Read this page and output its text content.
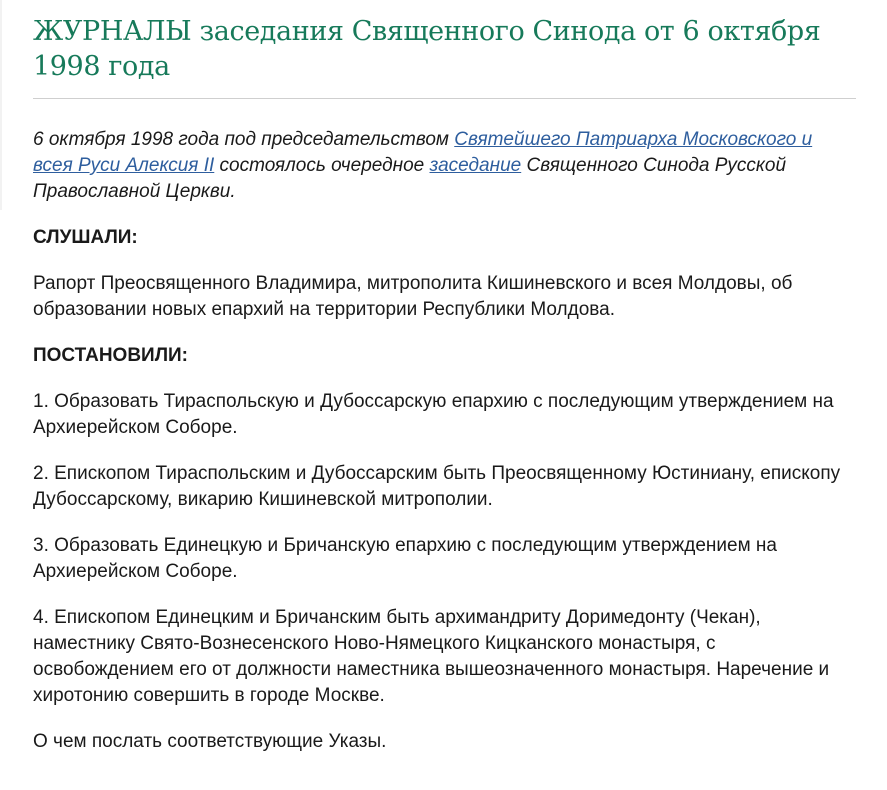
ЖУРНАЛЫ заседания Священного Синода от 6 октября 1998 года

6 октября 1998 года под председательством Святейшего Патриарха Московского и всея Руси Алексия II состоялось очередное заседание Священного Синода Русской Православной Церкви.

СЛУШАЛИ:

Рапорт Преосвященного Владимира, митрополита Кишиневского и всея Молдовы, об образовании новых епархий на территории Республики Молдова.

ПОСТАНОВИЛИ:

1. Образовать Тираспольскую и Дубоссарскую епархию с последующим утверждением на Архиерейском Соборе.

2. Епископом Тираспольским и Дубоссарским быть Преосвященному Юстиниану, епископу Дубоссарскому, викарию Кишиневской митрополии.

3. Образовать Единецкую и Бричанскую епархию с последующим утверждением на Архиерейском Соборе.

4. Епископом Единецким и Бричанским быть архимандриту Доримедонту (Чекан), наместнику Свято-Вознесенского Ново-Нямецкого Кицканского монастыря, с освобождением его от должности наместника вышеозначенного монастыря. Наречение и хиротонию совершить в городе Москве.

О чем послать соответствующие Указы.
